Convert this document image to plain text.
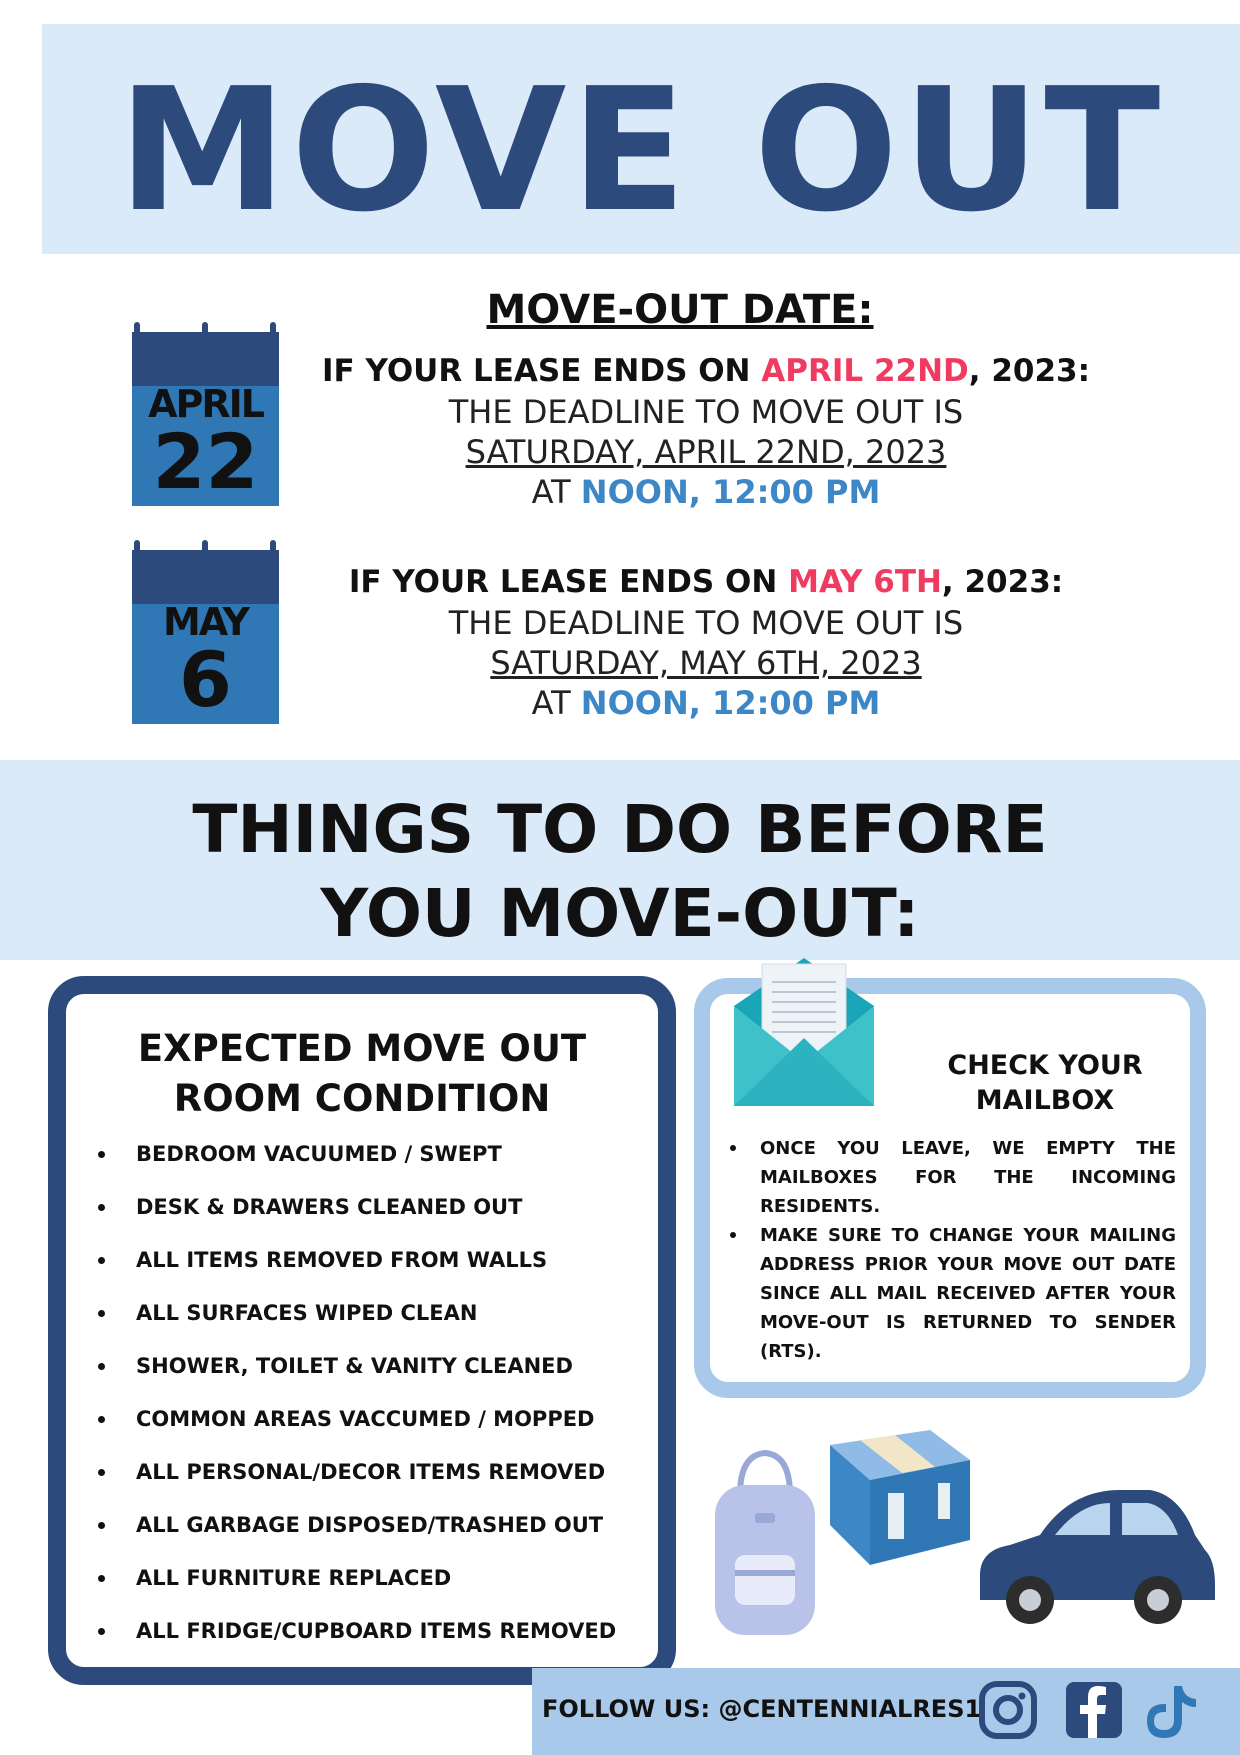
MOVE OUT
MOVE-OUT DATE:
APRIL
22
IF YOUR LEASE ENDS ON APRIL 22ND, 2023:
THE DEADLINE TO MOVE OUT IS
SATURDAY, APRIL 22ND, 2023
AT NOON, 12:00 PM
MAY
6
IF YOUR LEASE ENDS ON MAY 6TH, 2023:
THE DEADLINE TO MOVE OUT IS
SATURDAY, MAY 6TH, 2023
AT NOON, 12:00 PM
THINGS TO DO BEFORE
YOU MOVE-OUT:
EXPECTED MOVE OUT
ROOM CONDITION
BEDROOM VACUUMED / SWEPT
DESK & DRAWERS CLEANED OUT
ALL ITEMS REMOVED FROM WALLS
ALL SURFACES WIPED CLEAN
SHOWER, TOILET & VANITY CLEANED
COMMON AREAS VACCUMED / MOPPED
ALL PERSONAL/DECOR ITEMS REMOVED
ALL GARBAGE DISPOSED/TRASHED OUT
ALL FURNITURE REPLACED
ALL FRIDGE/CUPBOARD ITEMS REMOVED
CHECK YOUR
MAILBOX
ONCE YOU LEAVE, WE EMPTY THE MAILBOXES FOR THE INCOMING RESIDENTS.
MAKE SURE TO CHANGE YOUR MAILING ADDRESS PRIOR YOUR MOVE OUT DATE SINCE ALL MAIL RECEIVED AFTER YOUR MOVE-OUT IS RETURNED TO SENDER (RTS).
FOLLOW US: @CENTENNIALRES1
